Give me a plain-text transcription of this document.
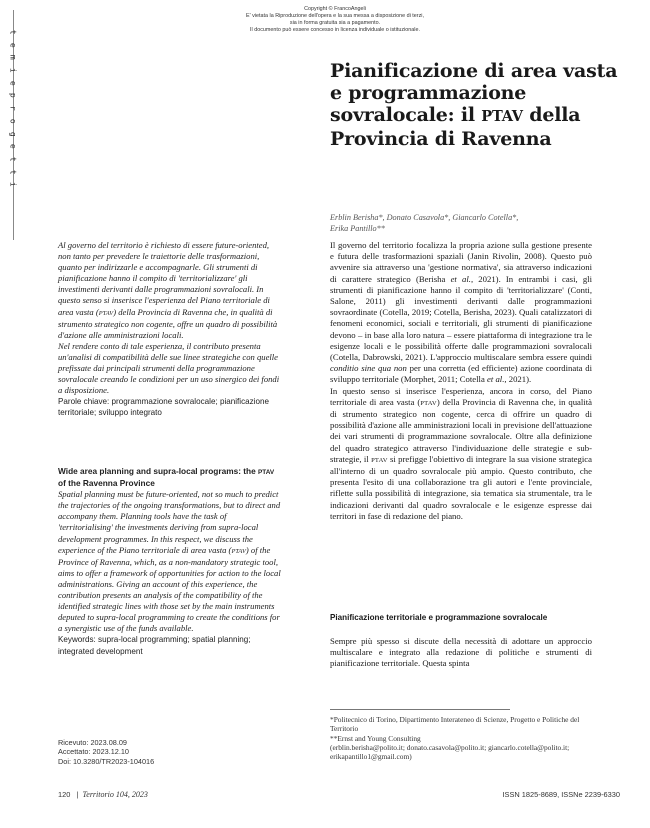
Copyright © FrancoAngeli
E' vietata la Riproduzione dell'opera e la sua messa a disposizione di terzi,
sia in forma gratuita sia a pagamento.
Il documento può essere concesso in licenza individuale o istituzionale.
t
e
m
i
e
p
r
o
g
e
t
t
i
Pianificazione di area vasta e programmazione sovralocale: il PTAV della Provincia di Ravenna
Erblin Berisha*, Donato Casavola*, Giancarlo Cotella*,
Erika Pantillo**

Al governo del territorio è richiesto di essere future-oriented, non tanto per prevedere le traiettorie delle trasformazioni, quanto per indirizzarle e accompagnarle. Gli strumenti di pianificazione hanno il compito di 'territorializzare' gli investimenti derivanti dalle programmazioni sovralocali. In questo senso si inserisce l'esperienza del Piano territoriale di area vasta (PTAV) della Provincia di Ravenna che, in qualità di strumento strategico non cogente, offre un quadro di possibilità d'azione alle amministrazioni locali.

Nel rendere conto di tale esperienza, il contributo presenta un'analisi di compatibilità delle sue linee strategiche con quelle prefissate dai principali strumenti della programmazione sovralocale creando le condizioni per un uso sinergico dei fondi a disposizione.

Parole chiave: programmazione sovralocale; pianificazione territoriale; sviluppo integrato

Wide area planning and supra-local programs: the PTAV of the Ravenna Province

Spatial planning must be future-oriented, not so much to predict the trajectories of the ongoing transformations, but to direct and accompany them. Planning tools have the task of 'territorialising' the investments deriving from supra-local development programmes. In this respect, we discuss the experience of the Piano territoriale di area vasta (PTAV) of the Province of Ravenna, which, as a non-mandatory strategic tool, aims to offer a framework of opportunities for action to the local administrations. Giving an account of this experience, the contribution presents an analysis of the compatibility of the identified strategic lines with those set by the main instruments deputed to supra-local programming to create the conditions for a synergistic use of the funds available.

Keywords: supra-local programming; spatial planning; integrated development

Il governo del territorio focalizza la propria azione sulla gestione presente e futura delle trasformazioni spaziali (Janin Rivolin, 2008). Questo può avvenire sia attraverso una 'gestione normativa', sia attraverso indicazioni di carattere strategico (Berisha et al., 2021). In entrambi i casi, gli strumenti di pianificazione hanno il compito di 'territorializzare' (Conti, Salone, 2011) gli investimenti derivanti dalle programmazioni sovraordinate (Cotella, 2019; Cotella, Berisha, 2023). Quali catalizzatori di fenomeni economici, sociali e territoriali, gli strumenti di pianificazione devono – in base alla loro natura – essere piattaforma di integrazione tra le esigenze locali e le possibilità offerte dalle programmazioni sovralocali (Cotella, Dabrowski, 2021). L'approccio multiscalare sembra essere quindi conditio sine qua non per una corretta (ed efficiente) azione coordinata di sviluppo territoriale (Morphet, 2011; Cotella et al., 2021).

In questo senso si inserisce l'esperienza, ancora in corso, del Piano territoriale di area vasta (PTAV) della Provincia di Ravenna che, in qualità di strumento strategico non cogente, cerca di offrire un quadro di possibilità d'azione alle amministrazioni locali in previsione dell'attuazione dei vari strumenti di programmazione sovralocale. Oltre alla definizione del quadro strategico attraverso l'individuazione delle strategie e sub-strategie, il PTAV si prefigge l'obiettivo di integrare la sua visione strategica all'interno di un quadro sovralocale più ampio. Questo contributo, che presenta l'esito di una collaborazione tra gli autori e l'ente provinciale, riflette sulla possibilità di integrazione, sia tematica sia strumentale, tra le indicazioni derivanti dal quadro sovralocale e le esigenze espresse dai territori in fase di redazione del piano.

Pianificazione territoriale e programmazione sovralocale
Sempre più spesso si discute della necessità di adottare un approccio multiscalare e integrato alla redazione di politiche e strumenti di pianificazione territoriale. Questa spinta
*Politecnico di Torino, Dipartimento Interateneo di Scienze, Progetto e Politiche del Territorio
**Ernst and Young Consulting
(erblin.berisha@polito.it; donato.casavola@polito.it; giancarlo.cotella@polito.it; erikapantillo1@gmail.com)
Ricevuto: 2023.08.09
Accettato: 2023.12.10
Doi: 10.3280/TR2023-104016
120 | Territorio 104, 2023	ISSN 1825-8689, ISSNe 2239-6330
